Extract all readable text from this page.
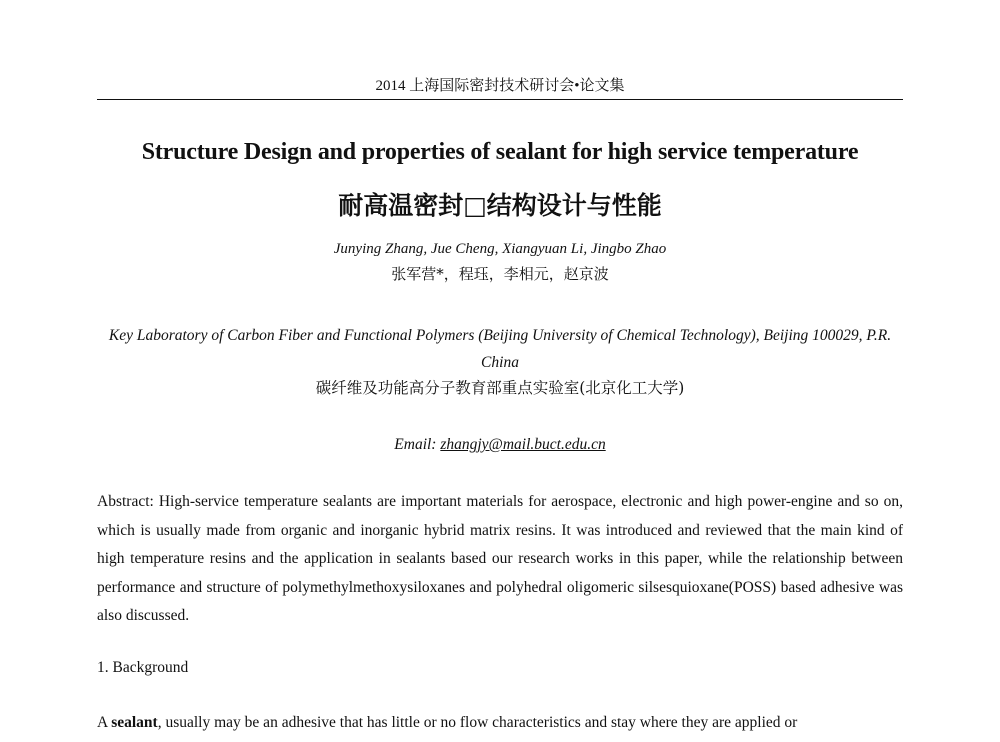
2014 上海国际密封技术研讨会•论文集
Structure Design and properties of sealant for high service temperature
耐高温密封□结构设计与性能
Junying Zhang, Jue Cheng, Xiangyuan Li, Jingbo Zhao
张军营*，程珏，李相元，赵京波
Key Laboratory of Carbon Fiber and Functional Polymers (Beijing University of Chemical Technology), Beijing 100029, P.R. China
碳纤维及功能高分子教育部重点实验室(北京化工大学)
Email: zhangjy@mail.buct.edu.cn
Abstract: High-service temperature sealants are important materials for aerospace, electronic and high power-engine and so on, which is usually made from organic and inorganic hybrid matrix resins. It was introduced and reviewed that the main kind of high temperature resins and the application in sealants based our research works in this paper, while the relationship between performance and structure of polymethylmethoxysiloxanes and polyhedral oligomeric silsesquioxane(POSS) based adhesive was also discussed.
1. Background
A sealant, usually may be an adhesive that has little or no flow characteristics and stay where they are applied or
